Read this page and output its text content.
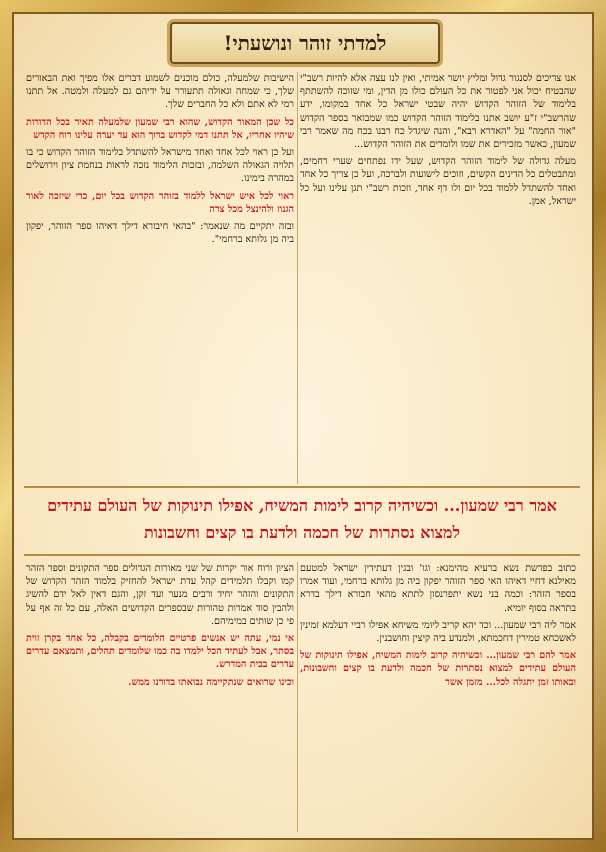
למדתי זוהר ונושעתי!

אנו צריכים לסנגור גדול ומליץ יושר אמיתי, ואין לנו עצה אלא להיות רשב"י שהבטיח יכול אני לפטור את כל העולם כולו מן הדין, ומי שזוכה להשתתף בלימוד של הזוהר הקדוש יהיה שבטי ישראל כל אחד במקומו, ידע שהרשב"י ז"ע יושב אתנו בלימוד הזוהר הקדוש כמו שמבואר בספר הקדוש "אור החמה" על "האדרא רבא", והנה שיגדל כח רבנו בכח מה שאמר רבי שמעון, כאשר מזכירים את שמו ולומדים את הזוהר הקדוש...

מעלה גדולה של לימוד הזוהר הקדוש, שעל ידו נפתחים שערי רחמים, ומתבטלים כל הדינים הקשים, וזוכים לישועות ולברכה, ועל כן צריך כל אחד ואחד להשתדל ללמוד בכל יום ולו דף אחד, וזכות רשב"י תגן עלינו ועל כל ישראל, אמן.

הישיבות שלמעלה, כולם מוכנים לשמוע דברים אלו מפיך ואת הבאורים שלך, כי שמחה וגאולה תתעורר על ידיהם גם למעלה ולמטה. אל תתנו רמי לא אתם ולא כל החברים שלך.

כל שכן המאור הקדוש, שהוא רבי שמעון שלמעלה תאיר בכל הדורות שיהיו אחריו, אל תתנו דמי לקדוש ברוך הוא עד יערה עלינו רוח הקדש

ועל כן ראוי לכל אחד ואחד מישראל להשתדל בלימוד הזוהר הקדוש כי בו תלויה הגאולה השלמה, ובזכות הלימוד נזכה לראות בנחמת ציון וירושלים במהרה בימינו.

ראוי לכל איש ישראל ללמוד בזוהר הקדוש בכל יום, כדי שיזכה לאור הגנוז ולהינצל מכל צרה

ובזה יתקיים מה שנאמר: "בהאי חיבורא דילך דאיהו ספר הזוהר, יפקון ביה מן גלותא ברחמי".

אמר רבי שמעון... וכשיהיה קרוב לימות המשיח, אפילו תינוקות של העולם עתידים
למצוא נסתרות של חכמה ולדעת בו קצים וחשבונות

כתוב בפרשת נשא ברעיא מהימנא: וגו' ובגין דעתידין ישראל למטעם מאילנא דחיי דאיהו האי ספר הזוהר יפקון ביה מן גלותא ברחמי, ועוד אמרו בספר הזהר: וכמה בני נשא יתפרנסון לתתא מהאי חבורא דילך בדרא בתראה בסוף יומיא.

אמר ליה רבי שמעון... וכד יהא קריב ליומי משיחא אפילו רביי דעלמא זמינין לאשכחא טמירין דחכמתא, ולמנדע ביה קיצין וחושבנין.

אמר להם רבי שמעון... וכשיהיה קרוב לימות המשיח, אפילו תינוקות של העולם עתידים למצוא נסתרות של חכמה ולדעת בו קצים וחשבונות, ובאותו זמן יתגלה לכל... מזמן אשר

הציון ורוח אור יקרות של שני מאורות הגדולים ספר התקונים וספר הזהר קמו וקבלו תלמידים קהל עדת ישראל להחזיק בלמוד הזהר הקדוש של התקונים והזהר יחיד ורבים מנער ועד זקן, והגם דאין לאל ידם להשיג ולהבין סוד אמרות טהורות שבספרים הקדושים האלה, עם כל זה אף על פי כן שותים במימיהם.

אי נמי, עתה יש אנשים פרטיים הלומדים בקבלה, כל אחד בקרן זוית בסתר, אבל לעתיד הכל ילמדו בה כמו שלומדים תהלים, ותמצאם עדרים עדרים בבית המדרש.

וכינו שרואים שנתקיימה נבואתו בדורנו ממש.
